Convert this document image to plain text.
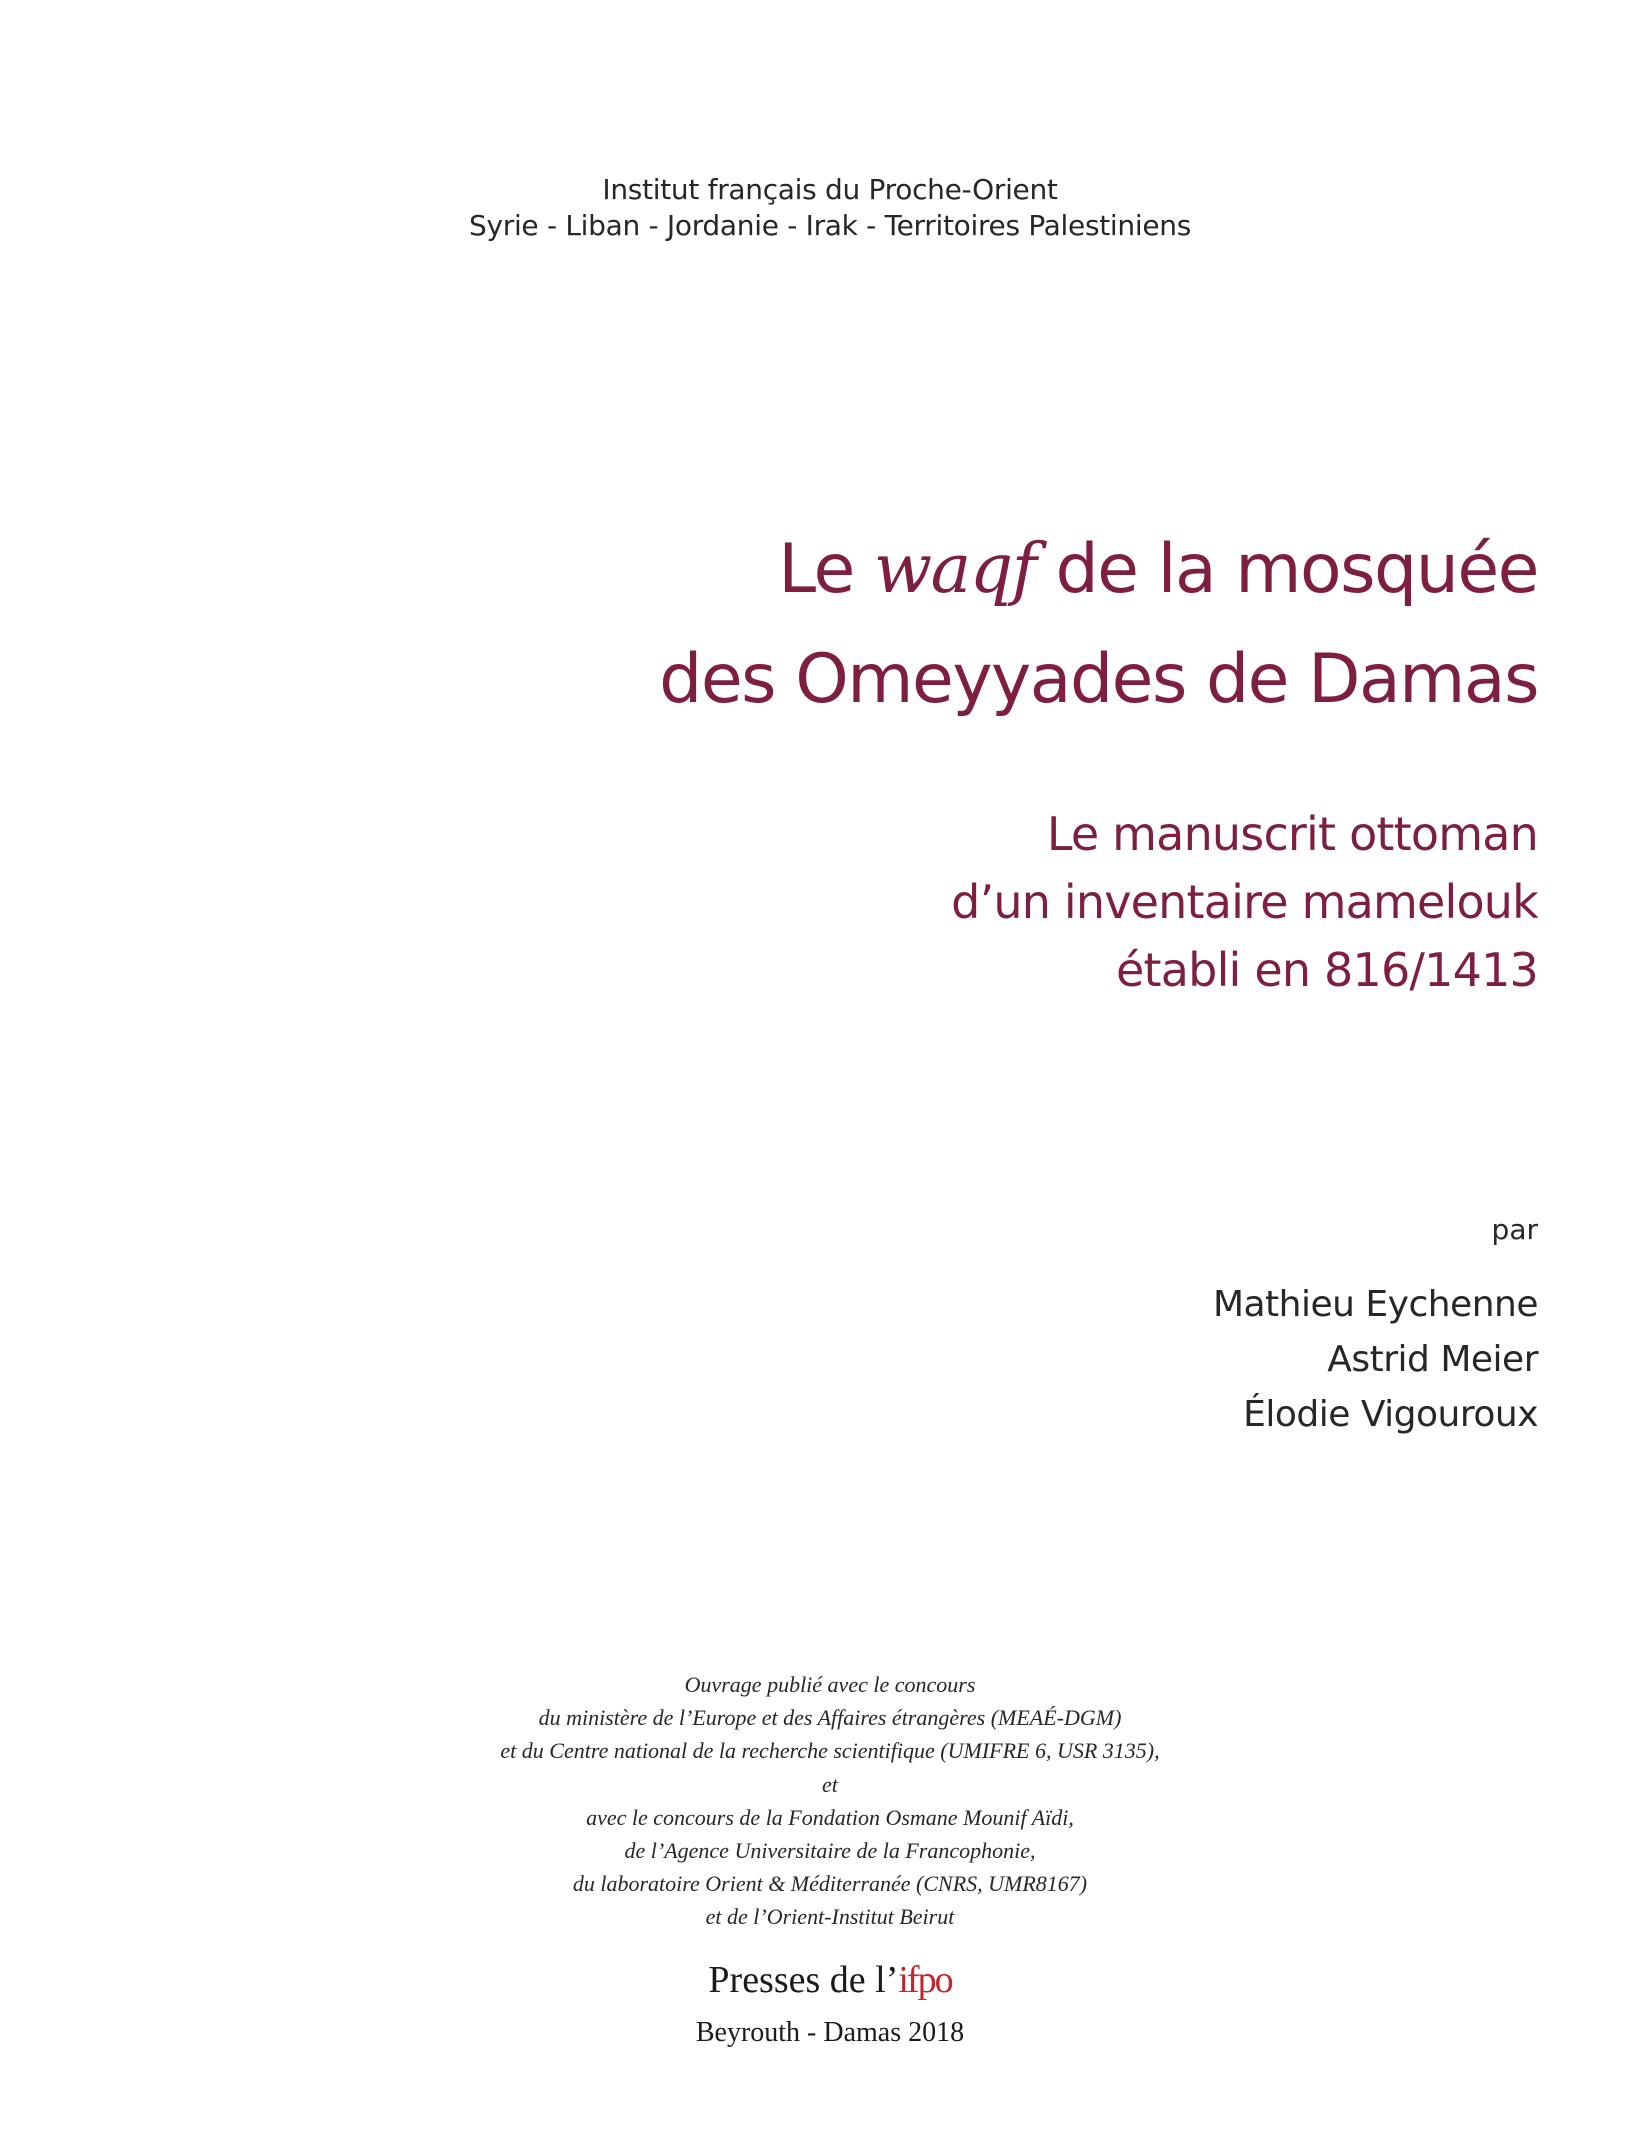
Institut français du Proche-Orient
Syrie - Liban - Jordanie - Irak - Territoires Palestiniens
Le waqf de la mosquée
des Omeyyades de Damas
Le manuscrit ottoman
d’un inventaire mamelouk
établi en 816/1413
par
Mathieu Eychenne
Astrid Meier
Élodie Vigouroux
Ouvrage publié avec le concours
du ministère de l’Europe et des Affaires étrangères (MEAÉ-DGM)
et du Centre national de la recherche scientifique (UMIFRE 6, USR 3135),
et
avec le concours de la Fondation Osmane Mounif Aïdi,
de l’Agence Universitaire de la Francophonie,
du laboratoire Orient & Méditerranée (CNRS, UMR8167)
et de l’Orient-Institut Beirut
Presses de l’ifpo
Beyrouth - Damas 2018
